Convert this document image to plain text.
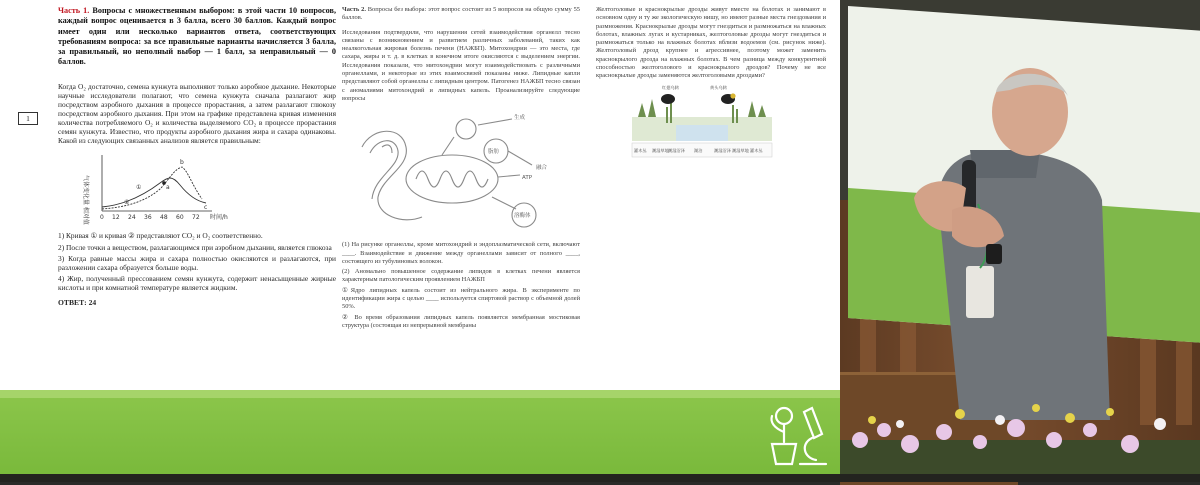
Часть 1. Вопросы с множественным выбором: в этой части 10 вопросов, каждый вопрос оценивается в 3 балла, всего 30 баллов. Каждый вопрос имеет один или несколько вариантов ответа, соответствующих требованиям вопроса: за все правильные варианты начисляется 3 балла, за правильный, но неполный выбор — 1 балл, за неправильный — 0 баллов.

Когда O₂ достаточно, семена кунжута выполняют только аэробное дыхание. Некоторые научные исследователи полагают, что семена кунжута сначала разлагают жир посредством аэробного дыхания в процессе прорастания, а затем разлагают глюкозу посредством аэробного дыхания. При этом на графике представлена кривая изменения количества потребляемого O₂ и количества выделяемого CO₂ в процессе прорастания семян кунжута. Известно, что продукты аэробного дыхания жира и сахара одинаковы. Какой из следующих связанных анализов является правильным:

气体变化量 相对值	①
②
a
b
c
0 12 24 36 48 60 72 时间/h

1) Кривая ① и кривая ② представляют CO₂ и O₂ соответственно.

2) После точки а веществом, разлагающимся при аэробном дыхании, является глюкоза

3) Когда равные массы жира и сахара полностью окисляются и разлагаются, при разложении сахара образуется больше воды.

4) Жир, полученный прессованием семян кунжута, содержит ненасыщенные жирные кислоты и при комнатной температуре является жидким.

ОТВЕТ: 24
1

Часть 2. Вопросы без выбора: этот вопрос состоит из 5 вопросов на общую сумму 55 баллов.

Исследования подтвердили, что нарушения сетей взаимодействия органелл тесно связаны с возникновением и развитием различных заболеваний, таких как неалкогольная жировая болезнь печени (НАЖБП). Митохондрии — это места, где сахара, жиры и т. д. в клетках в конечном итоге окисляются с выделением энергии. Исследования показали, что митохондрии могут взаимодействовать с различными органеллами, и некоторые из этих взаимосвязей показаны ниже. Липидные капли представляют собой органеллы с липидным центром. Патогенез НАЖБП тесно связан с аномалиями митохондрий и липидных капель. Проанализируйте следующие вопросы

生成
脂肪
融合
ATP
溶酶体

(1) На рисунке органеллы, кроме митохондрий и эндоплазматической сети, включают ____. Взаимодействие и движение между органеллами зависит от полного ____, состоящего из тубулиновых волокон.

(2) Аномально повышенное содержание липидов в клетках печени является характерным патологическим проявлением НАЖБП

①Ядро липидных капель состоит из нейтрального жира. В эксперименте по идентификации жира с целью ____ используется спиртовой раствор с объемной долей 50%.

② Во время образования липидных капель появляется мембранная мостиковая структура (состоящая из непрерывной мембраны

Желтоголовые и краснокрылые дрозды живут вместе на болотах и занимают в основном одну и ту же экологическую нишу, но имеют разные места гнездования и размножения. Краснокрылые дрозды могут гнездиться и размножаться на влажных болотах, влажных лугах и кустарниках, желтоголовые дрозды могут гнездиться и размножаться только на влажных болотах вблизи водоемов (см. рисунок ниже). Желтоголовый дрозд крупнее и агрессивнее, поэтому может заменить краснокрылого дрозда на влажных болотах. В чем разница между конкурентной способностью желтоголового и краснокрылого дроздов? Почему не все краснокрылые дрозды заменяются желтоголовыми дроздами?

红翅乌鸫	黄头乌鸫
灌木丛 潮湿草地 潮湿沼泽 湖泊	潮湿沼泽 潮湿草地 灌木丛
